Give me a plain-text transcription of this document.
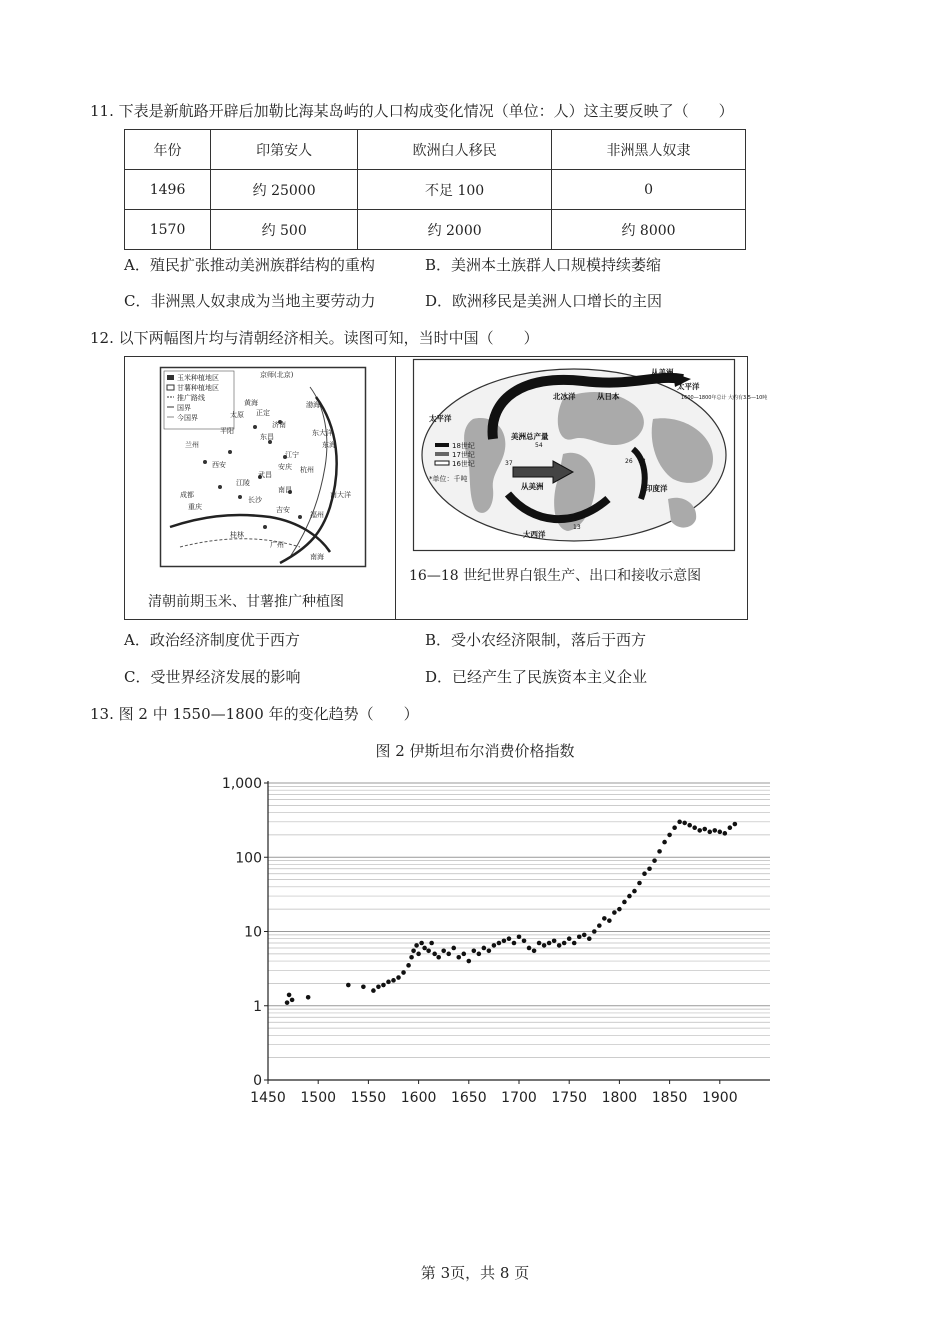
11. 下表是新航路开辟后加勒比海某岛屿的人口构成变化情况（单位：人）这主要反映了（　　）
年份	印第安人	欧洲白人移民	非洲黑人奴隶
1496	约 25000	不足 100	0
1570	约 500	约 2000	约 8000
A．殖民扩张推动美洲族群结构的重构	B．美洲本土族群人口规模持续萎缩
C．非洲黑人奴隶成为当地主要劳动力	D．欧洲移民是美洲人口增长的主因
12. 以下两幅图片均与清朝经济相关。读图可知，当时中国（　　）
玉米种植地区
甘薯种植地区
推广路线
国界
今国界
京师(北京)
渤海
黄海
东海
东大洋
南大洋
南海
兰州
西安
成都
重庆
桂林
太原
济南
杭州
广州
福州
江宁
武昌
长沙
江陵
平阳
正定
东昌
安庆
吉安
南昌
清朝前期玉米、甘薯推广种植图
太平洋
从美洲
太平洋
北冰洋	从日本
美洲总产量
从美洲	印度洋
大西洋
1600—1800年总计 大约有3.5—10吨
18世纪
17世纪
16世纪
*单位：千吨
54
37	26 13
26
13
16—18 世纪世界白银生产、出口和接收示意图
A．政治经济制度优于西方	B．受小农经济限制，落后于西方
C．受世界经济发展的影响	D．已经产生了民族资本主义企业
13. 图 2 中 1550—1800 年的变化趋势（　　）
图 2 伊斯坦布尔消费价格指数
0
1
10
100
1,000
1450 1500 1550 1600 1650 1700 1750 1800 1850 1900
第 3页，共 8 页
